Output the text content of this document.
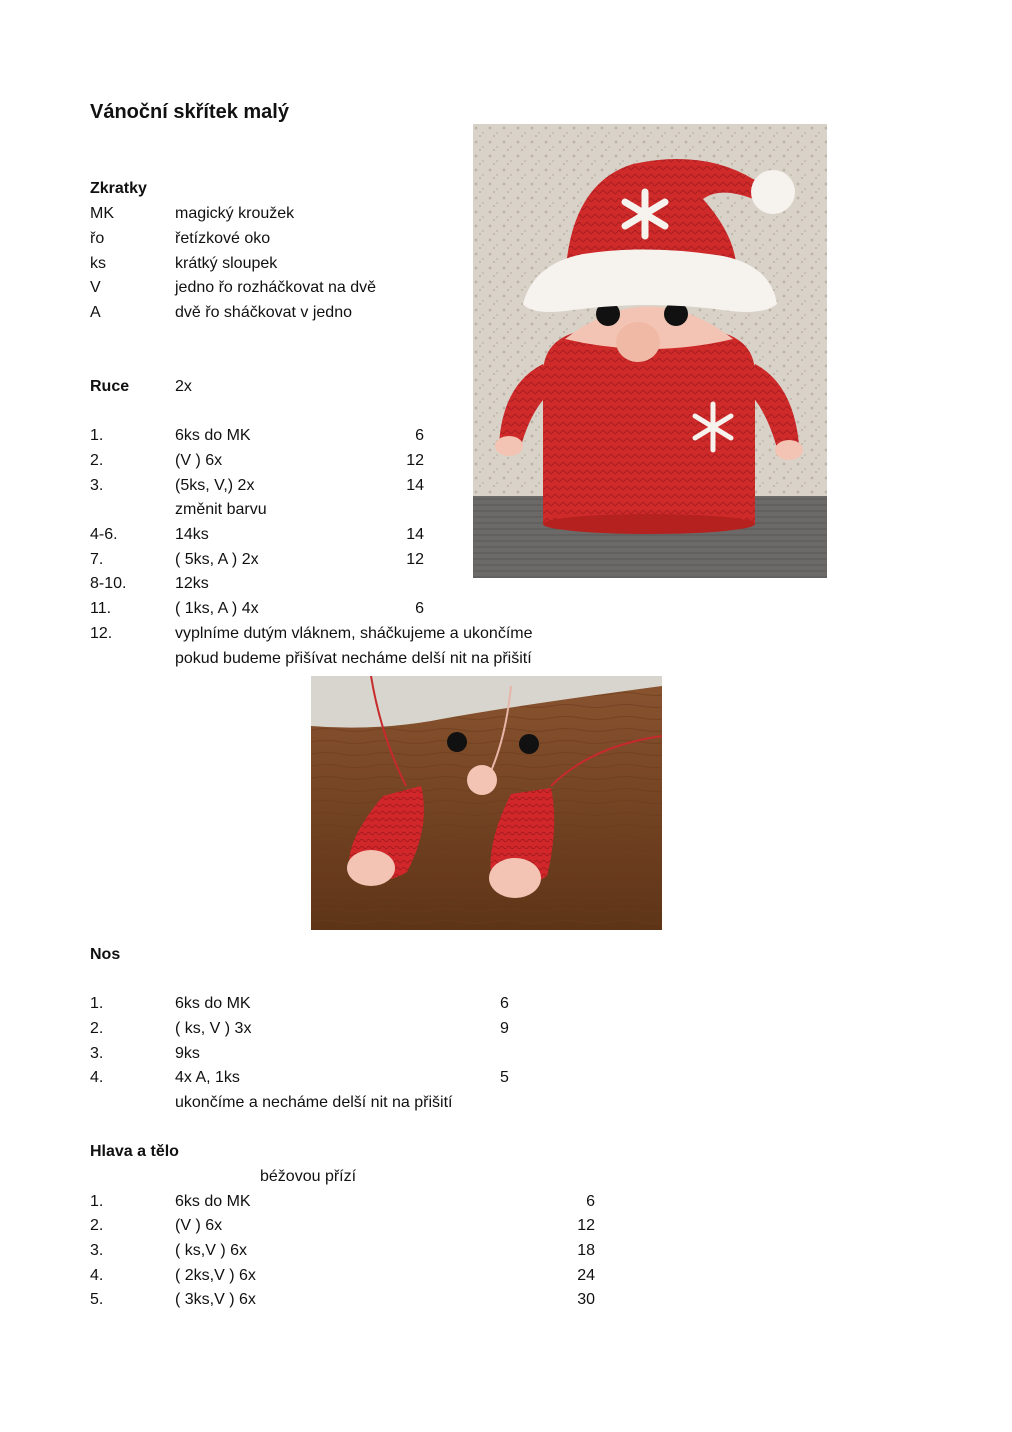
Vánoční skřítek malý
Zkratky
MK	magický kroužek
řo	řetízkové oko
ks	krátký sloupek
V	jedno řo rozháčkovat na dvě
A	dvě řo sháčkovat v jedno
Ruce	2x
1.	6ks do MK	6
2.	(V ) 6x	12
3.	(5ks, V,) 2x	14
změnit barvu
4-6.	14ks	14
7.	( 5ks, A ) 2x	12
8-10.	12ks
11.	( 1ks, A ) 4x	6
12.	vyplníme dutým vláknem, sháčkujeme a ukončíme
pokud budeme přišívat necháme delší nit na přišití
Nos
1.	6ks do MK	6
2.	( ks, V ) 3x	9
3.	9ks
4.	4x A, 1ks	5
ukončíme a necháme delší nit na přišití
Hlava a tělo
béžovou přízí
1.	6ks do MK	6
2.	(V ) 6x	12
3.	( ks,V ) 6x	18
4.	( 2ks,V ) 6x	24
5.	( 3ks,V ) 6x	30
